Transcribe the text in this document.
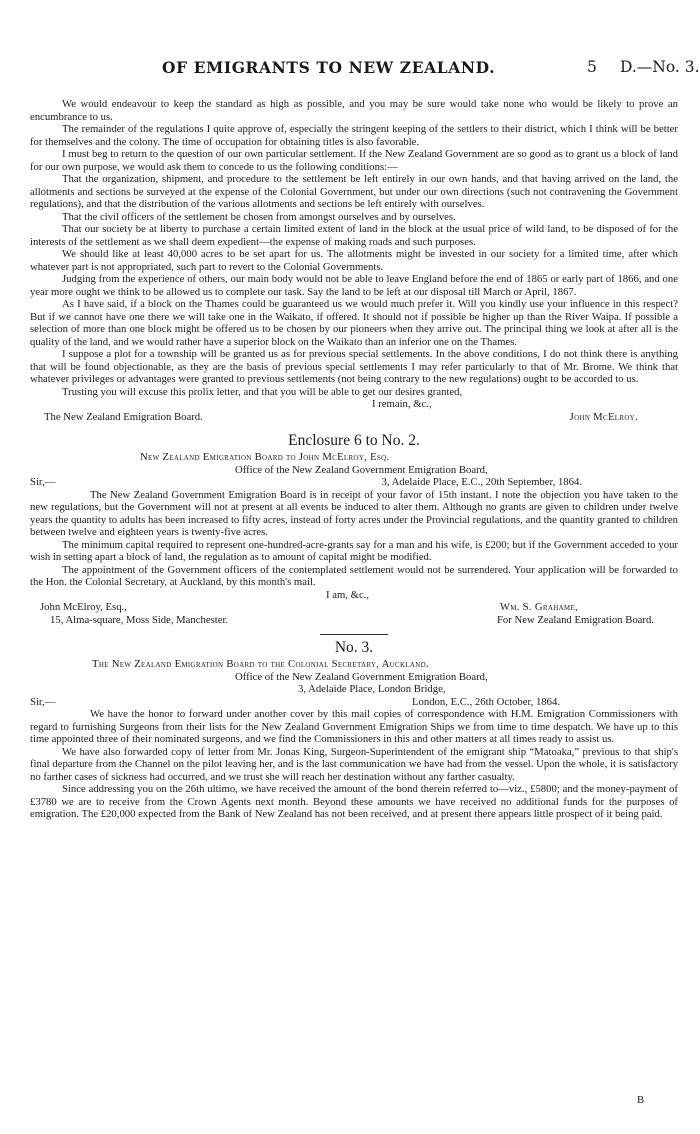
OF EMIGRANTS TO NEW ZEALAND.	5 D.—No. 3.

We would endeavour to keep the standard as high as possible, and you may be sure would take none who would be likely to prove an encumbrance to us.

The remainder of the regulations I quite approve of, especially the stringent keeping of the settlers to their district, which I think will be better for themselves and the colony. The time of occupation for obtaining titles is also favorable.

I must beg to return to the question of our own particular settlement. If the New Zealand Government are so good as to grant us a block of land for our own purpose, we would ask them to concede to us the following conditions:—

That the organization, shipment, and procedure to the settlement be left entirely in our own hands, and that having arrived on the land, the allotments and sections be surveyed at the expense of the Colonial Government, but under our own directions (such not contravening the Government regulations), and that the distribution of the various allotments and sections be left entirely with ourselves.

That the civil officers of the settlement be chosen from amongst ourselves and by ourselves.

That our society be at liberty to purchase a certain limited extent of land in the block at the usual price of wild land, to be disposed of for the interests of the settlement as we shall deem expedient—the expense of making roads and such purposes.

We should like at least 40,000 acres to be set apart for us. The allotments might be invested in our society for a limited time, after which whatever part is not appropriated, such part to revert to the Colonial Governments.

Judging from the experience of others, our main body would not be able to leave England before the end of 1865 or early part of 1866, and one year more ought we think to be allowed us to complete our task. Say the land to be left at our disposal till March or April, 1867.

As I have said, if a block on the Thames could be guaranteed us we would much prefer it. Will you kindly use your influence in this respect? But if we cannot have one there we will take one in the Waikato, if offered. It should not if possible be higher up than the River Waipa. If possible a selection of more than one block might be offered us to be chosen by our pioneers when they arrive out. The principal thing we look at after all is the quality of the land, and we would rather have a superior block on the Waikato than an inferior one on the Thames.

I suppose a plot for a township will be granted us as for previous special settlements. In the above conditions, I do not think there is anything that will be found objectionable, as they are the basis of previous special settlements I may refer particularly to that of Mr. Brome. We think that whatever privileges or advantages were granted to previous settlements (not being contrary to the new regulations) ought to be accorded to us.

Trusting you will excuse this prolix letter, and that you will be able to get our desires granted,

I remain, &c.,

The New Zealand Emigration Board.	John McElroy.
Enclosure 6 to No. 2.

New Zealand Emigration Board to John McElroy, Esq.

Office of the New Zealand Government Emigration Board,

Sir,—	3, Adelaide Place, E.C., 20th September, 1864.

The New Zealand Government Emigration Board is in receipt of your favor of 15th instant. I note the objection you have taken to the new regulations, but the Government will not at present at all events be induced to alter them. Although no grants are given to children under twelve years the quantity to adults has been increased to fifty acres, instead of forty acres under the Provincial regulations, and the quantity granted to children between twelve and eighteen years is twenty-five acres.

The minimum capital required to represent one-hundred-acre-grants say for a man and his wife, is £200; but if the Government acceded to your wish in setting apart a block of land, the regulation as to amount of capital might be modified.

The appointment of the Government officers of the contemplated settlement would not be surrendered. Your application will be forwarded to the Hon. the Colonial Secretary, at Auckland, by this month's mail.

I am, &c.,

John McElroy, Esq.,	Wm. S. Grahame,
15, Alma-square, Moss Side, Manchester.	For New Zealand Emigration Board.
No. 3.

The New Zealand Emigration Board to the Colonial Secretary, Auckland.

Office of the New Zealand Government Emigration Board,

3, Adelaide Place, London Bridge,

Sir,—	London, E.C., 26th October, 1864.

We have the honor to forward under another cover by this mail copies of correspondence with H.M. Emigration Commissioners with regard to furnishing Surgeons from their lists for the New Zealand Government Emigration Ships we from time to time despatch. We have up to this time appointed three of their nominated surgeons, and we find the Commissioners in this and other matters at all times ready to assist us.

We have also forwarded copy of letter from Mr. Jonas King, Surgeon-Superintendent of the emigrant ship “Matoaka,” previous to that ship's final departure from the Channel on the pilot leaving her, and is the last communication we have had from the vessel. Upon the whole, it is satisfactory no farther cases of sickness had occurred, and we trust she will reach her destination without any farther casualty.

Since addressing you on the 26th ultimo, we have received the amount of the bond therein referred to—viz., £5800; and the money-payment of £3780 we are to receive from the Crown Agents next month. Beyond these amounts we have received no additional funds for the purposes of emigration. The £20,000 expected from the Bank of New Zealand has not been received, and at present there appears little prospect of it being paid.

B
